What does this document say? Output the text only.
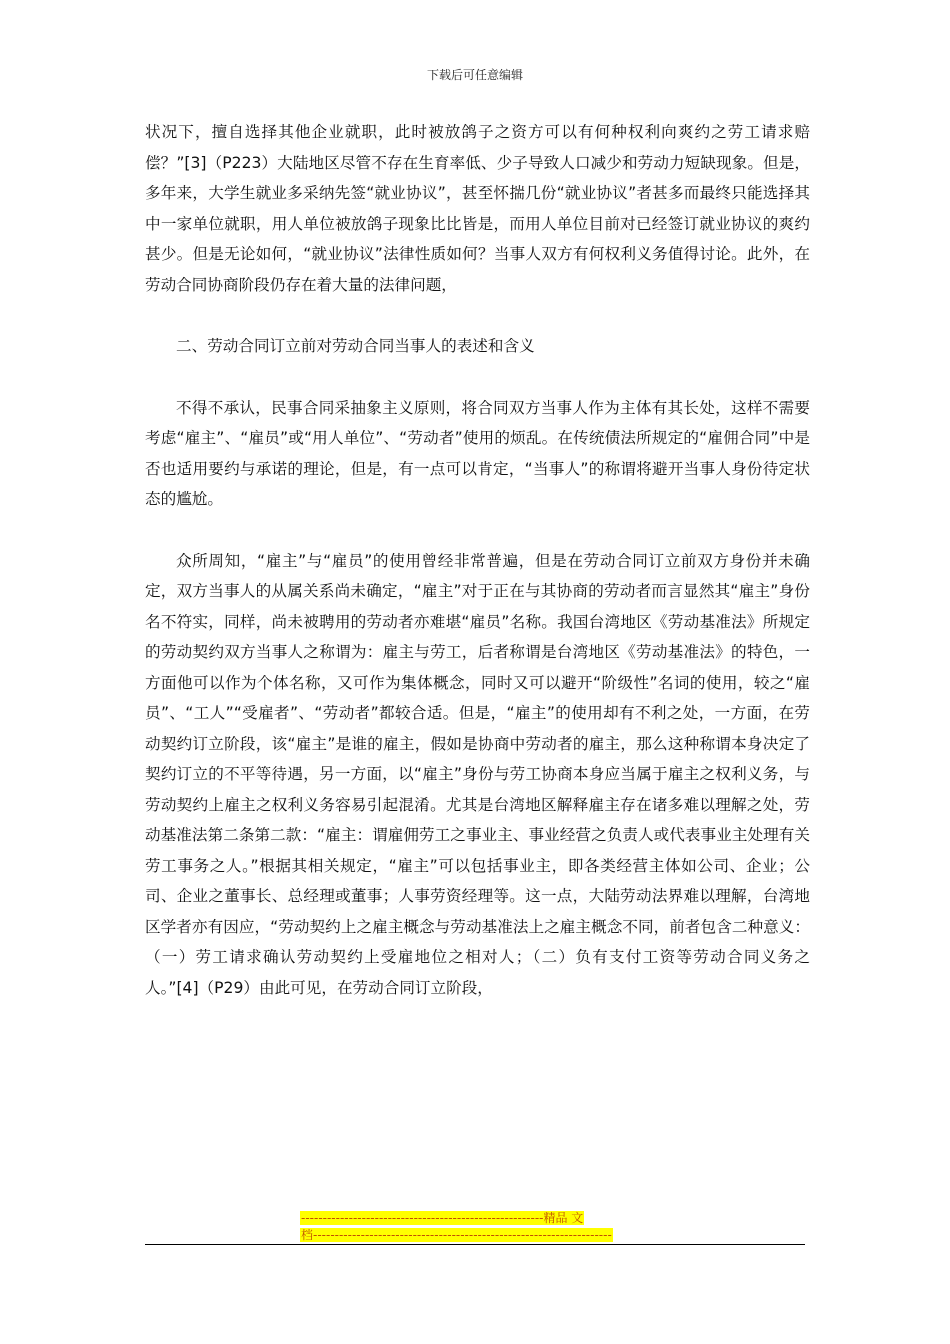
下载后可任意编辑

状况下，擅自选择其他企业就职，此时被放鸽子之资方可以有何种权利向爽约之劳工请求赔偿？”[3]（P223）大陆地区尽管不存在生育率低、少子导致人口减少和劳动力短缺现象。但是，多年来，大学生就业多采纳先签“就业协议”，甚至怀揣几份“就业协议”者甚多而最终只能选择其中一家单位就职，用人单位被放鸽子现象比比皆是，而用人单位目前对已经签订就业协议的爽约甚少。但是无论如何，“就业协议”法律性质如何？当事人双方有何权利义务值得讨论。此外，在劳动合同协商阶段仍存在着大量的法律问题，

二、劳动合同订立前对劳动合同当事人的表述和含义

不得不承认，民事合同采抽象主义原则，将合同双方当事人作为主体有其长处，这样不需要考虑“雇主”、“雇员”或“用人单位”、“劳动者”使用的烦乱。在传统债法所规定的“雇佣合同”中是否也适用要约与承诺的理论，但是，有一点可以肯定，“当事人”的称谓将避开当事人身份待定状态的尴尬。

众所周知，“雇主”与“雇员”的使用曾经非常普遍，但是在劳动合同订立前双方身份并未确定，双方当事人的从属关系尚未确定，“雇主”对于正在与其协商的劳动者而言显然其“雇主”身份名不符实，同样，尚未被聘用的劳动者亦难堪“雇员”名称。我国台湾地区《劳动基准法》所规定的劳动契约双方当事人之称谓为：雇主与劳工，后者称谓是台湾地区《劳动基准法》的特色，一方面他可以作为个体名称，又可作为集体概念，同时又可以避开“阶级性”名词的使用，较之“雇员”、“工人”“受雇者”、“劳动者”都较合适。但是，“雇主”的使用却有不利之处，一方面，在劳动契约订立阶段，该“雇主”是谁的雇主，假如是协商中劳动者的雇主，那么这种称谓本身决定了契约订立的不平等待遇，另一方面，以“雇主”身份与劳工协商本身应当属于雇主之权利义务，与劳动契约上雇主之权利义务容易引起混淆。尤其是台湾地区解释雇主存在诸多难以理解之处，劳动基准法第二条第二款：“雇主：谓雇佣劳工之事业主、事业经营之负责人或代表事业主处理有关劳工事务之人。”根据其相关规定，“雇主”可以包括事业主，即各类经营主体如公司、企业；公司、企业之董事长、总经理或董事；人事劳资经理等。这一点，大陆劳动法界难以理解，台湾地区学者亦有因应，“劳动契约上之雇主概念与劳动基准法上之雇主概念不同，前者包含二种意义：（一）劳工请求确认劳动契约上受雇地位之相对人；（二）负有支付工资等劳动合同义务之人。”[4]（P29）由此可见，在劳动合同订立阶段，

--------------------------------------------------------精品 文
档---------------------------------------------------------------------
